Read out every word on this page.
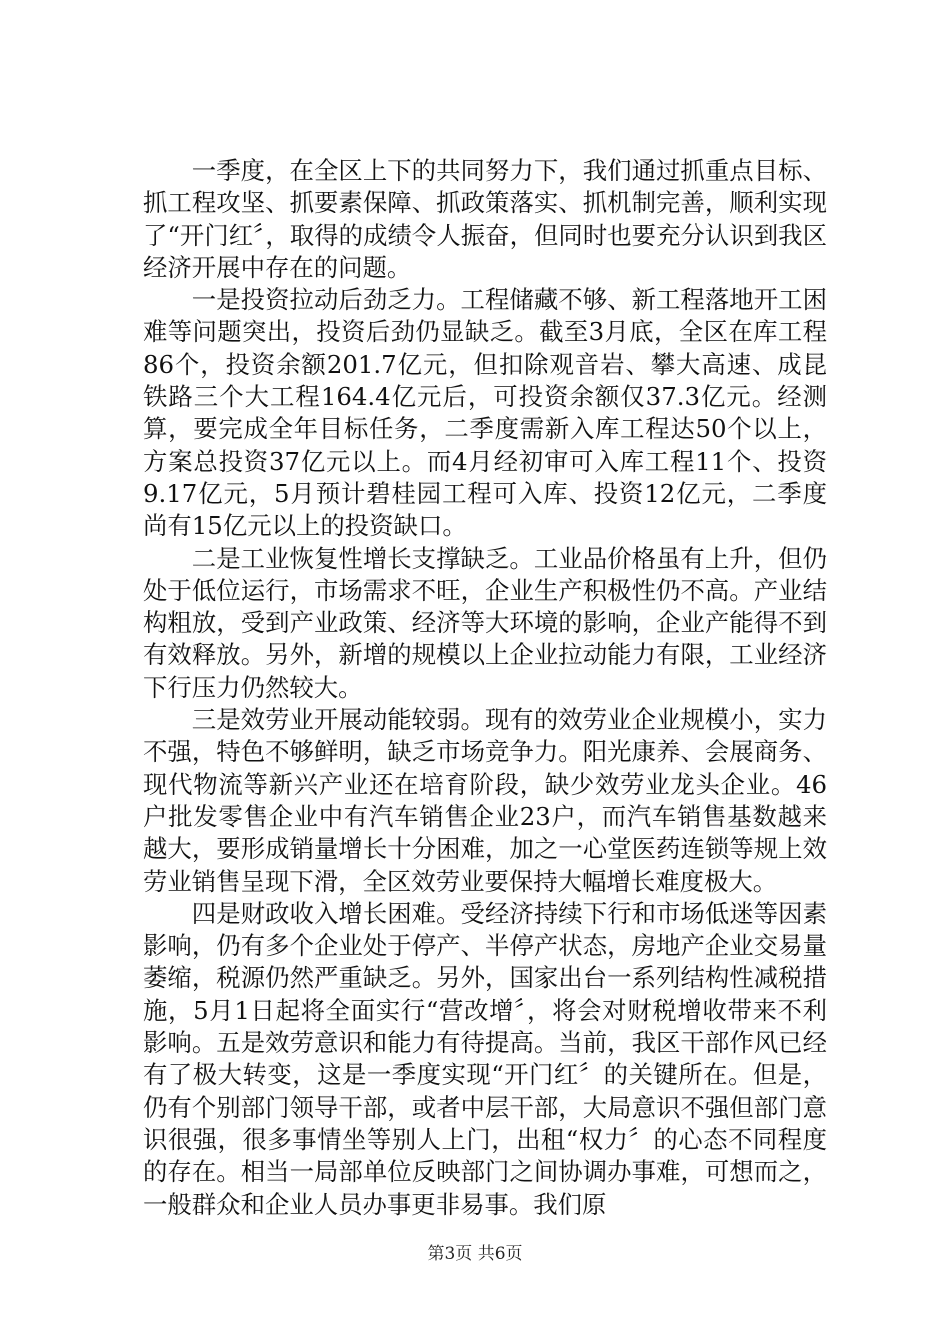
一季度，在全区上下的共同努力下，我们通过抓重点目标、抓工程攻坚、抓要素保障、抓政策落实、抓机制完善，顺利实现了“开门红〞，取得的成绩令人振奋，但同时也要充分认识到我区经济开展中存在的问题。

一是投资拉动后劲乏力。工程储藏不够、新工程落地开工困难等问题突出，投资后劲仍显缺乏。截至3月底，全区在库工程86个，投资余额201.7亿元，但扣除观音岩、攀大高速、成昆铁路三个大工程164.4亿元后，可投资余额仅37.3亿元。经测算，要完成全年目标任务，二季度需新入库工程达50个以上，方案总投资37亿元以上。而4月经初审可入库工程11个、投资9.17亿元，5月预计碧桂园工程可入库、投资12亿元，二季度尚有15亿元以上的投资缺口。

二是工业恢复性增长支撑缺乏。工业品价格虽有上升，但仍处于低位运行，市场需求不旺，企业生产积极性仍不高。产业结构粗放，受到产业政策、经济等大环境的影响，企业产能得不到有效释放。另外，新增的规模以上企业拉动能力有限，工业经济下行压力仍然较大。

三是效劳业开展动能较弱。现有的效劳业企业规模小，实力不强，特色不够鲜明，缺乏市场竞争力。阳光康养、会展商务、现代物流等新兴产业还在培育阶段，缺少效劳业龙头企业。46户批发零售企业中有汽车销售企业23户，而汽车销售基数越来越大，要形成销量增长十分困难，加之一心堂医药连锁等规上效劳业销售呈现下滑，全区效劳业要保持大幅增长难度极大。

四是财政收入增长困难。受经济持续下行和市场低迷等因素影响，仍有多个企业处于停产、半停产状态，房地产企业交易量萎缩，税源仍然严重缺乏。另外，国家出台一系列结构性减税措施，5月1日起将全面实行“营改增〞，将会对财税增收带来不利影响。五是效劳意识和能力有待提高。当前，我区干部作风已经有了极大转变，这是一季度实现“开门红〞的关键所在。但是，仍有个别部门领导干部，或者中层干部，大局意识不强但部门意识很强，很多事情坐等别人上门，出租“权力〞的心态不同程度的存在。相当一局部单位反映部门之间协调办事难，可想而之，一般群众和企业人员办事更非易事。我们原

第3页 共6页
